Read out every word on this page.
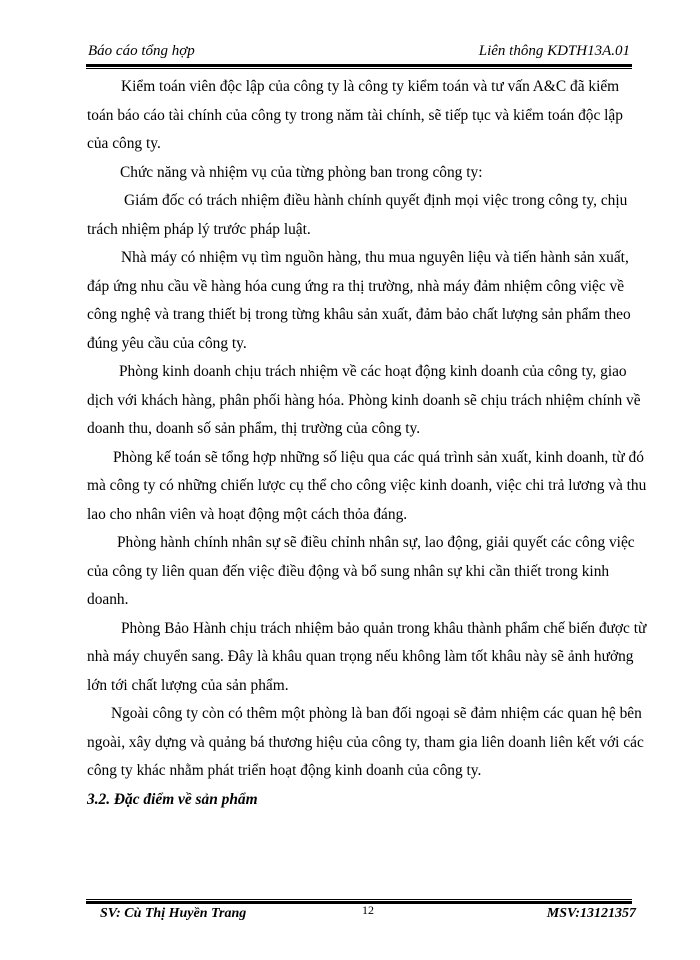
Báo cáo tổng hợp	Liên thông KDTH13A.01

Kiểm toán viên độc lập của công ty là công ty kiểm toán và tư vấn A&C đã kiểm toán báo cáo tài chính của công ty trong năm tài chính, sẽ tiếp tục và kiểm toán độc lập của công ty.

Chức năng và nhiệm vụ của từng phòng ban trong công ty:

Giám đốc có trách nhiệm điều hành chính quyết định mọi việc trong công ty, chịu trách nhiệm pháp lý trước pháp luật.

Nhà máy có nhiệm vụ tìm nguồn hàng, thu mua nguyên liệu và tiến hành sản xuất, đáp ứng nhu cầu về hàng hóa cung ứng ra thị trường, nhà máy đảm nhiệm công việc về công nghệ và trang thiết bị trong từng khâu sản xuất, đảm bảo chất lượng sản phẩm theo đúng yêu cầu của công ty.

Phòng kinh doanh chịu trách nhiệm về các hoạt động kinh doanh của công ty, giao dịch với khách hàng, phân phối hàng hóa. Phòng kinh doanh sẽ chịu trách nhiệm chính về doanh thu, doanh số sản phẩm, thị trường của công ty.

Phòng kế toán sẽ tổng hợp những số liệu qua các quá trình sản xuất, kinh doanh, từ đó mà công ty có những chiến lược cụ thể cho công việc kinh doanh, việc chi trả lương và thu lao cho nhân viên và hoạt động một cách thỏa đáng.

Phòng hành chính nhân sự sẽ điều chỉnh nhân sự, lao động, giải quyết các công việc của công ty liên quan đến việc điều động và bổ sung nhân sự khi cần thiết trong kinh doanh.

Phòng Bảo Hành chịu trách nhiệm bảo quản trong khâu thành phẩm chế biến được từ nhà máy chuyển sang. Đây là khâu quan trọng nếu không làm tốt khâu này sẽ ảnh hưởng lớn tới chất lượng của sản phẩm.

Ngoài công ty còn có thêm một phòng là ban đối ngoại sẽ đảm nhiệm các quan hệ bên ngoài, xây dựng và quảng bá thương hiệu của công ty, tham gia liên doanh liên kết với các công ty khác nhằm phát triển hoạt động kinh doanh của công ty.

3.2. Đặc điểm về sản phẩm

SV: Cù Thị Huyền Trang	12	MSV:13121357
